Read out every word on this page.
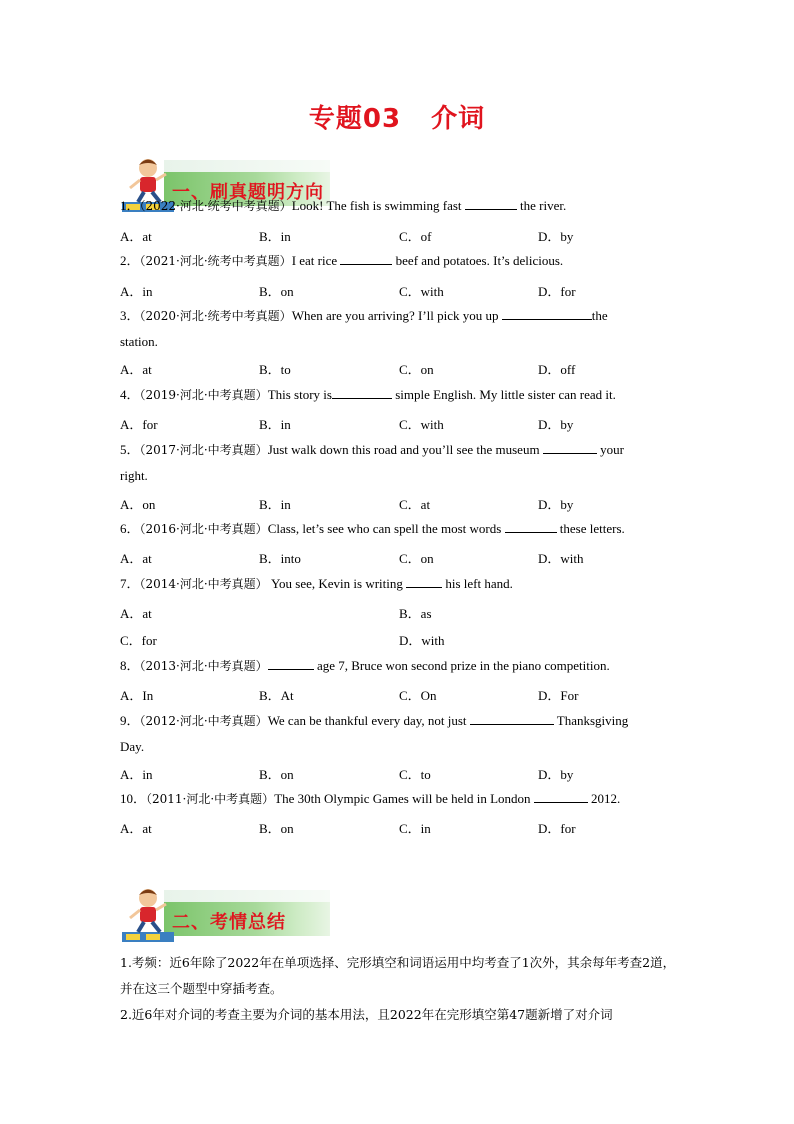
专题03 介词
一、刷真题明方向
1．（2022·河北·统考中考真题）Look! The fish is swimming fast	the river.
A．at	B．in	C．of	D．by
2．（2021·河北·统考中考真题）I eat rice	beef and potatoes. It’s delicious.
A．in	B．on	C．with	D．for
3．（2020·河北·统考中考真题）When are you arriving? I’ll pick you up	the
station.
A．at	B．to	C．on	D．off
4．（2019·河北·中考真题）This story is	simple English. My little sister can read it.
A．for	B．in	C．with	D．by
5．（2017·河北·中考真题）Just walk down this road and you’ll see the museum	your
right.
A．on	B．in	C．at	D．by
6．（2016·河北·中考真题）Class, let’s see who can spell the most words	these letters.
A．at	B．into	C．on	D．with
7．（2014·河北·中考真题） You see, Kevin is writing	his left hand.
A．at	B．as
C．for	D．with
8．（2013·河北·中考真题）	age 7, Bruce won second prize in the piano competition.
A．In	B．At	C．On	D．For
9．（2012·河北·中考真题）We can be thankful every day, not just	Thanksgiving
Day.
A．in	B．on	C．to	D．by
10．（2011·河北·中考真题）The 30th Olympic Games will be held in London	2012.
A．at	B．on	C．in	D．for
二、考情总结
1.考频：近6年除了2022年在单项选择、完形填空和词语运用中均考查了1次外，其余每年考查2道，并在这三个题型中穿插考查。
2.近6年对介词的考查主要为介词的基本用法，且2022年在完形填空第47题新增了对介词
